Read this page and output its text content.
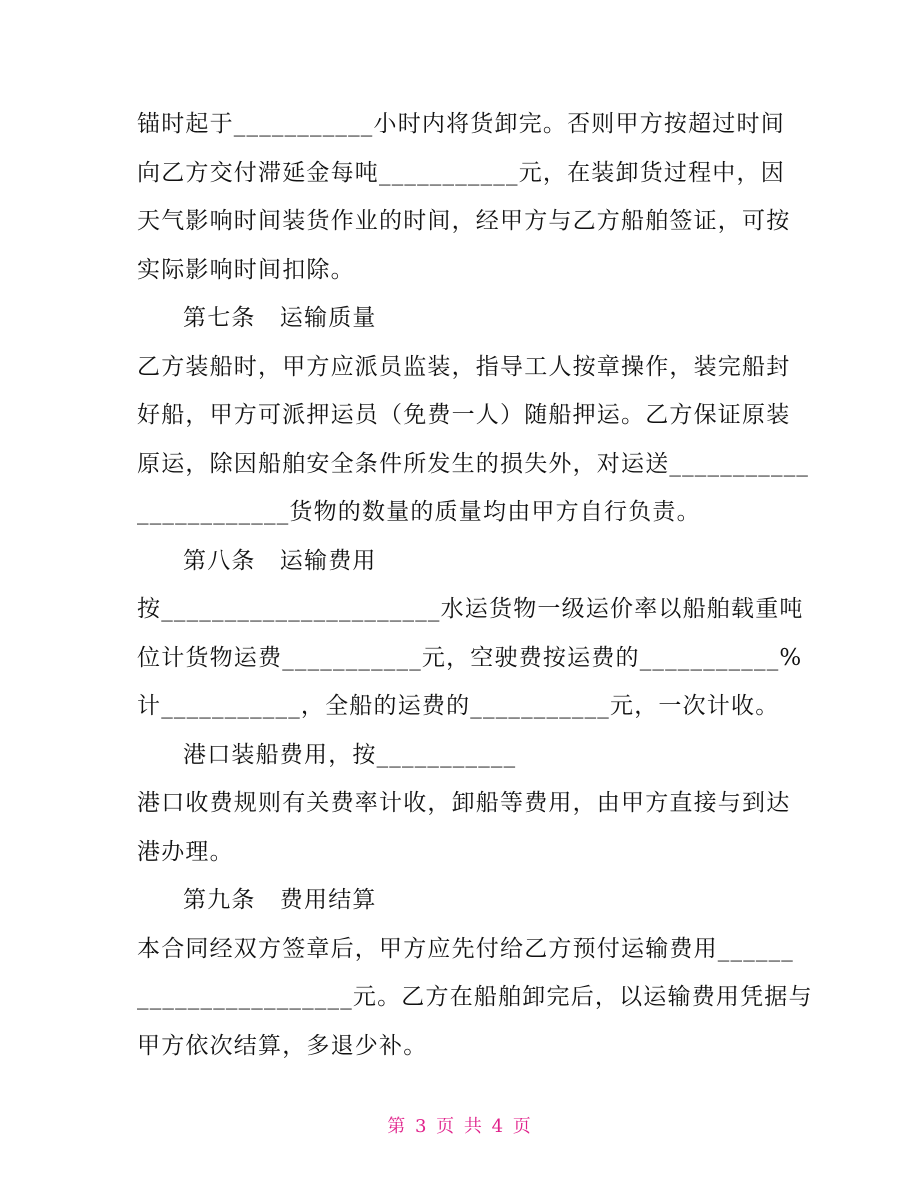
锚时起于___________小时内将货卸完。否则甲方按超过时间
向乙方交付滞延金每吨___________元，在装卸货过程中，因
天气影响时间装货作业的时间，经甲方与乙方船舶签证，可按
实际影响时间扣除。
第七条　运输质量
乙方装船时，甲方应派员监装，指导工人按章操作，装完船封
好船，甲方可派押运员（免费一人）随船押运。乙方保证原装
原运，除因船舶安全条件所发生的损失外，对运送___________
____________货物的数量的质量均由甲方自行负责。
第八条　运输费用
按______________________水运货物一级运价率以船舶载重吨
位计货物运费___________元，空驶费按运费的___________%
计___________，全船的运费的___________元，一次计收。
港口装船费用，按___________
港口收费规则有关费率计收，卸船等费用，由甲方直接与到达
港办理。
第九条　费用结算
本合同经双方签章后，甲方应先付给乙方预付运输费用______
_________________元。乙方在船舶卸完后，以运输费用凭据与
甲方依次结算，多退少补。
第 3 页 共 4 页
